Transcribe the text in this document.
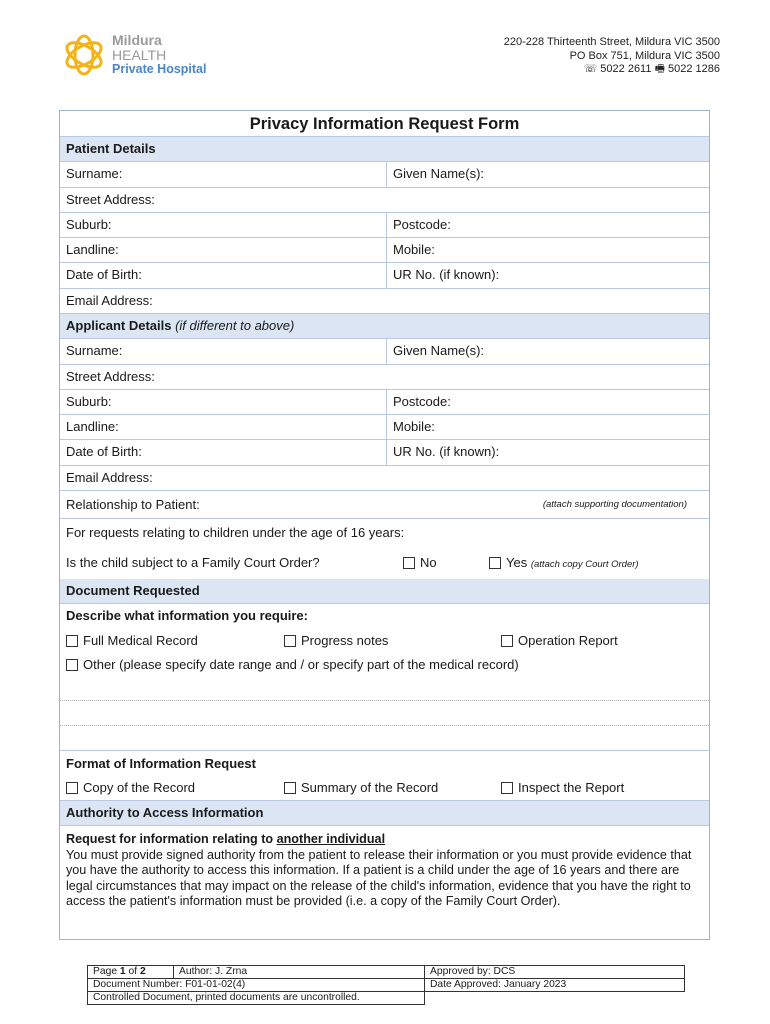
Mildura
HEALTH
Private Hospital
220-228 Thirteenth Street, Mildura VIC 3500
PO Box 751, Mildura VIC 3500
☏ 5022 2611 🖷 5022 1286
Privacy Information Request Form
Patient Details
Surname:	Given Name(s):
Street Address:
Suburb:	Postcode:
Landline:	Mobile:
Date of Birth:	UR No. (if known):
Email Address:
Applicant Details (if different to above)
Surname:	Given Name(s):
Street Address:
Suburb:	Postcode:
Landline:	Mobile:
Date of Birth:	UR No. (if known):
Email Address:
Relationship to Patient:	(attach supporting documentation)
For requests relating to children under the age of 16 years:
Is the child subject to a Family Court Order?	No	Yes (attach copy Court Order)
Document Requested
Describe what information you require:
Full Medical Record	Progress notes	Operation Report
Other (please specify date range and / or specify part of the medical record)
Format of Information Request
Copy of the Record	Summary of the Record	Inspect the Report
Authority to Access Information
Request for information relating to another individual
You must provide signed authority from the patient to release their information or you must provide evidence that you have the authority to access this information. If a patient is a child under the age of 16 years and there are legal circumstances that may impact on the release of the child's information, evidence that you have the right to access the patient's information must be provided (i.e. a copy of the Family Court Order).
Page 1 of 2	Author: J. Zrna	Approved by: DCS
Document Number: F01-01-02(4)		Date Approved: January 2023
Controlled Document, printed documents are uncontrolled.		
